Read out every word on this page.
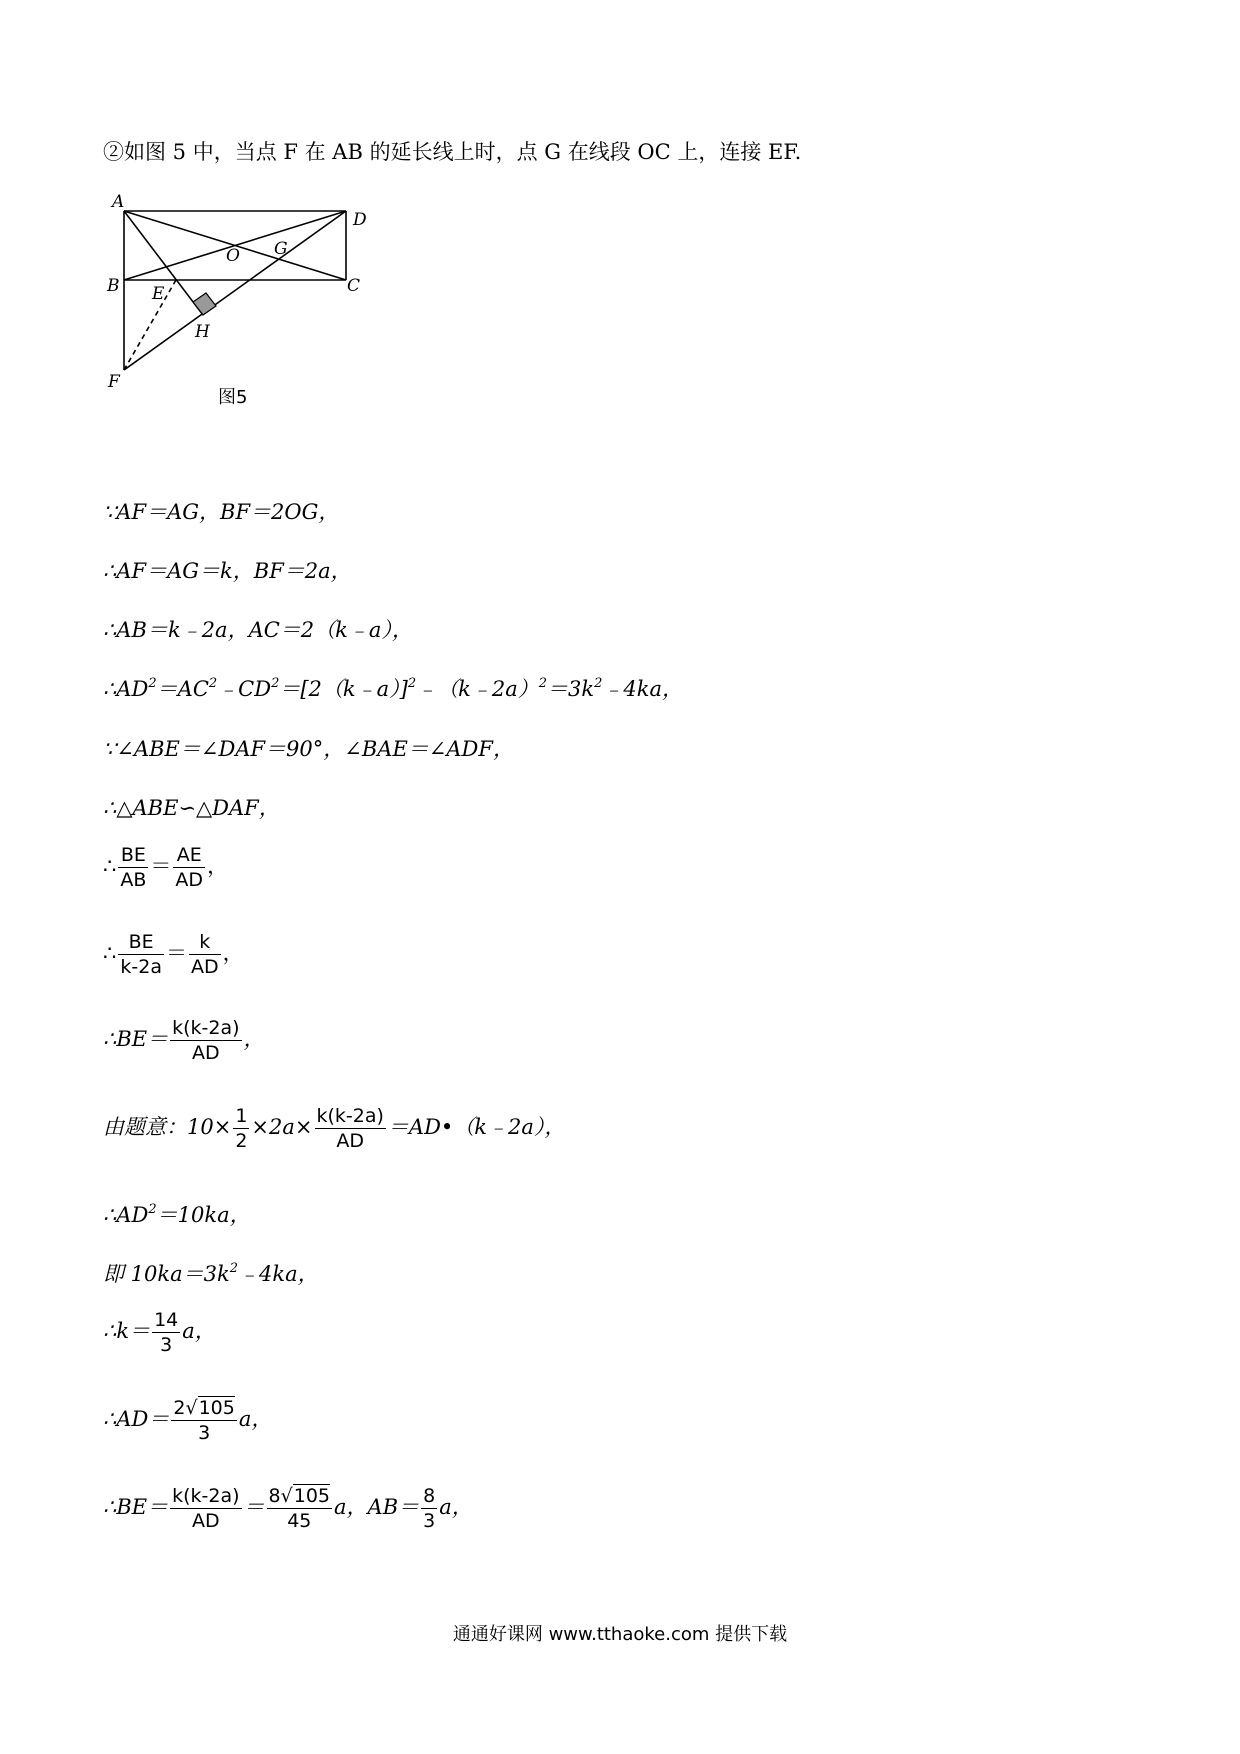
②如图 5 中，当点 F 在 AB 的延长线上时，点 G 在线段 OC 上，连接 EF.
A
D
B	C
O G
E
H
F
图5
∵AF＝AG，BF＝2OG，
∴AF＝AG＝k，BF＝2a，
∴AB＝k﹣2a，AC＝2（k﹣a），
$\therefore AD^2=AC^2﹣CD^2=[2(k﹣a)]^2﹣(k﹣2a)^2=3k^2﹣4ka$，
∵∠ABE＝∠DAF＝90°，∠BAE＝∠ADF，
∴△ABE∽△DAF，
∴ $\frac{BE}{AB} = \frac{AE}{AD}$ ，
∴ $\frac{BE}{k-2a} = \frac{k}{AD}$ ，
∴BE＝ $\frac{k(k-2a)}{AD}$ ，
由题意：$10\times \frac{1}{2} \times 2a\times \frac{k(k-2a)}{AD}$ ＝AD•（k﹣2a），
$\therefore AD^2=10ka$，
即 $10ka=3k^2﹣4ka$，
∴k＝ $\frac{14}{3}$ a，
∴AD＝ $\frac{2√105}{3}$ a，
∴BE＝ $\frac{k(k-2a)}{AD} = \frac{8√105}{45}$ a，$AB= \frac{8}{3}$ a，
通通好课网 www.tthaoke.com 提供下载
